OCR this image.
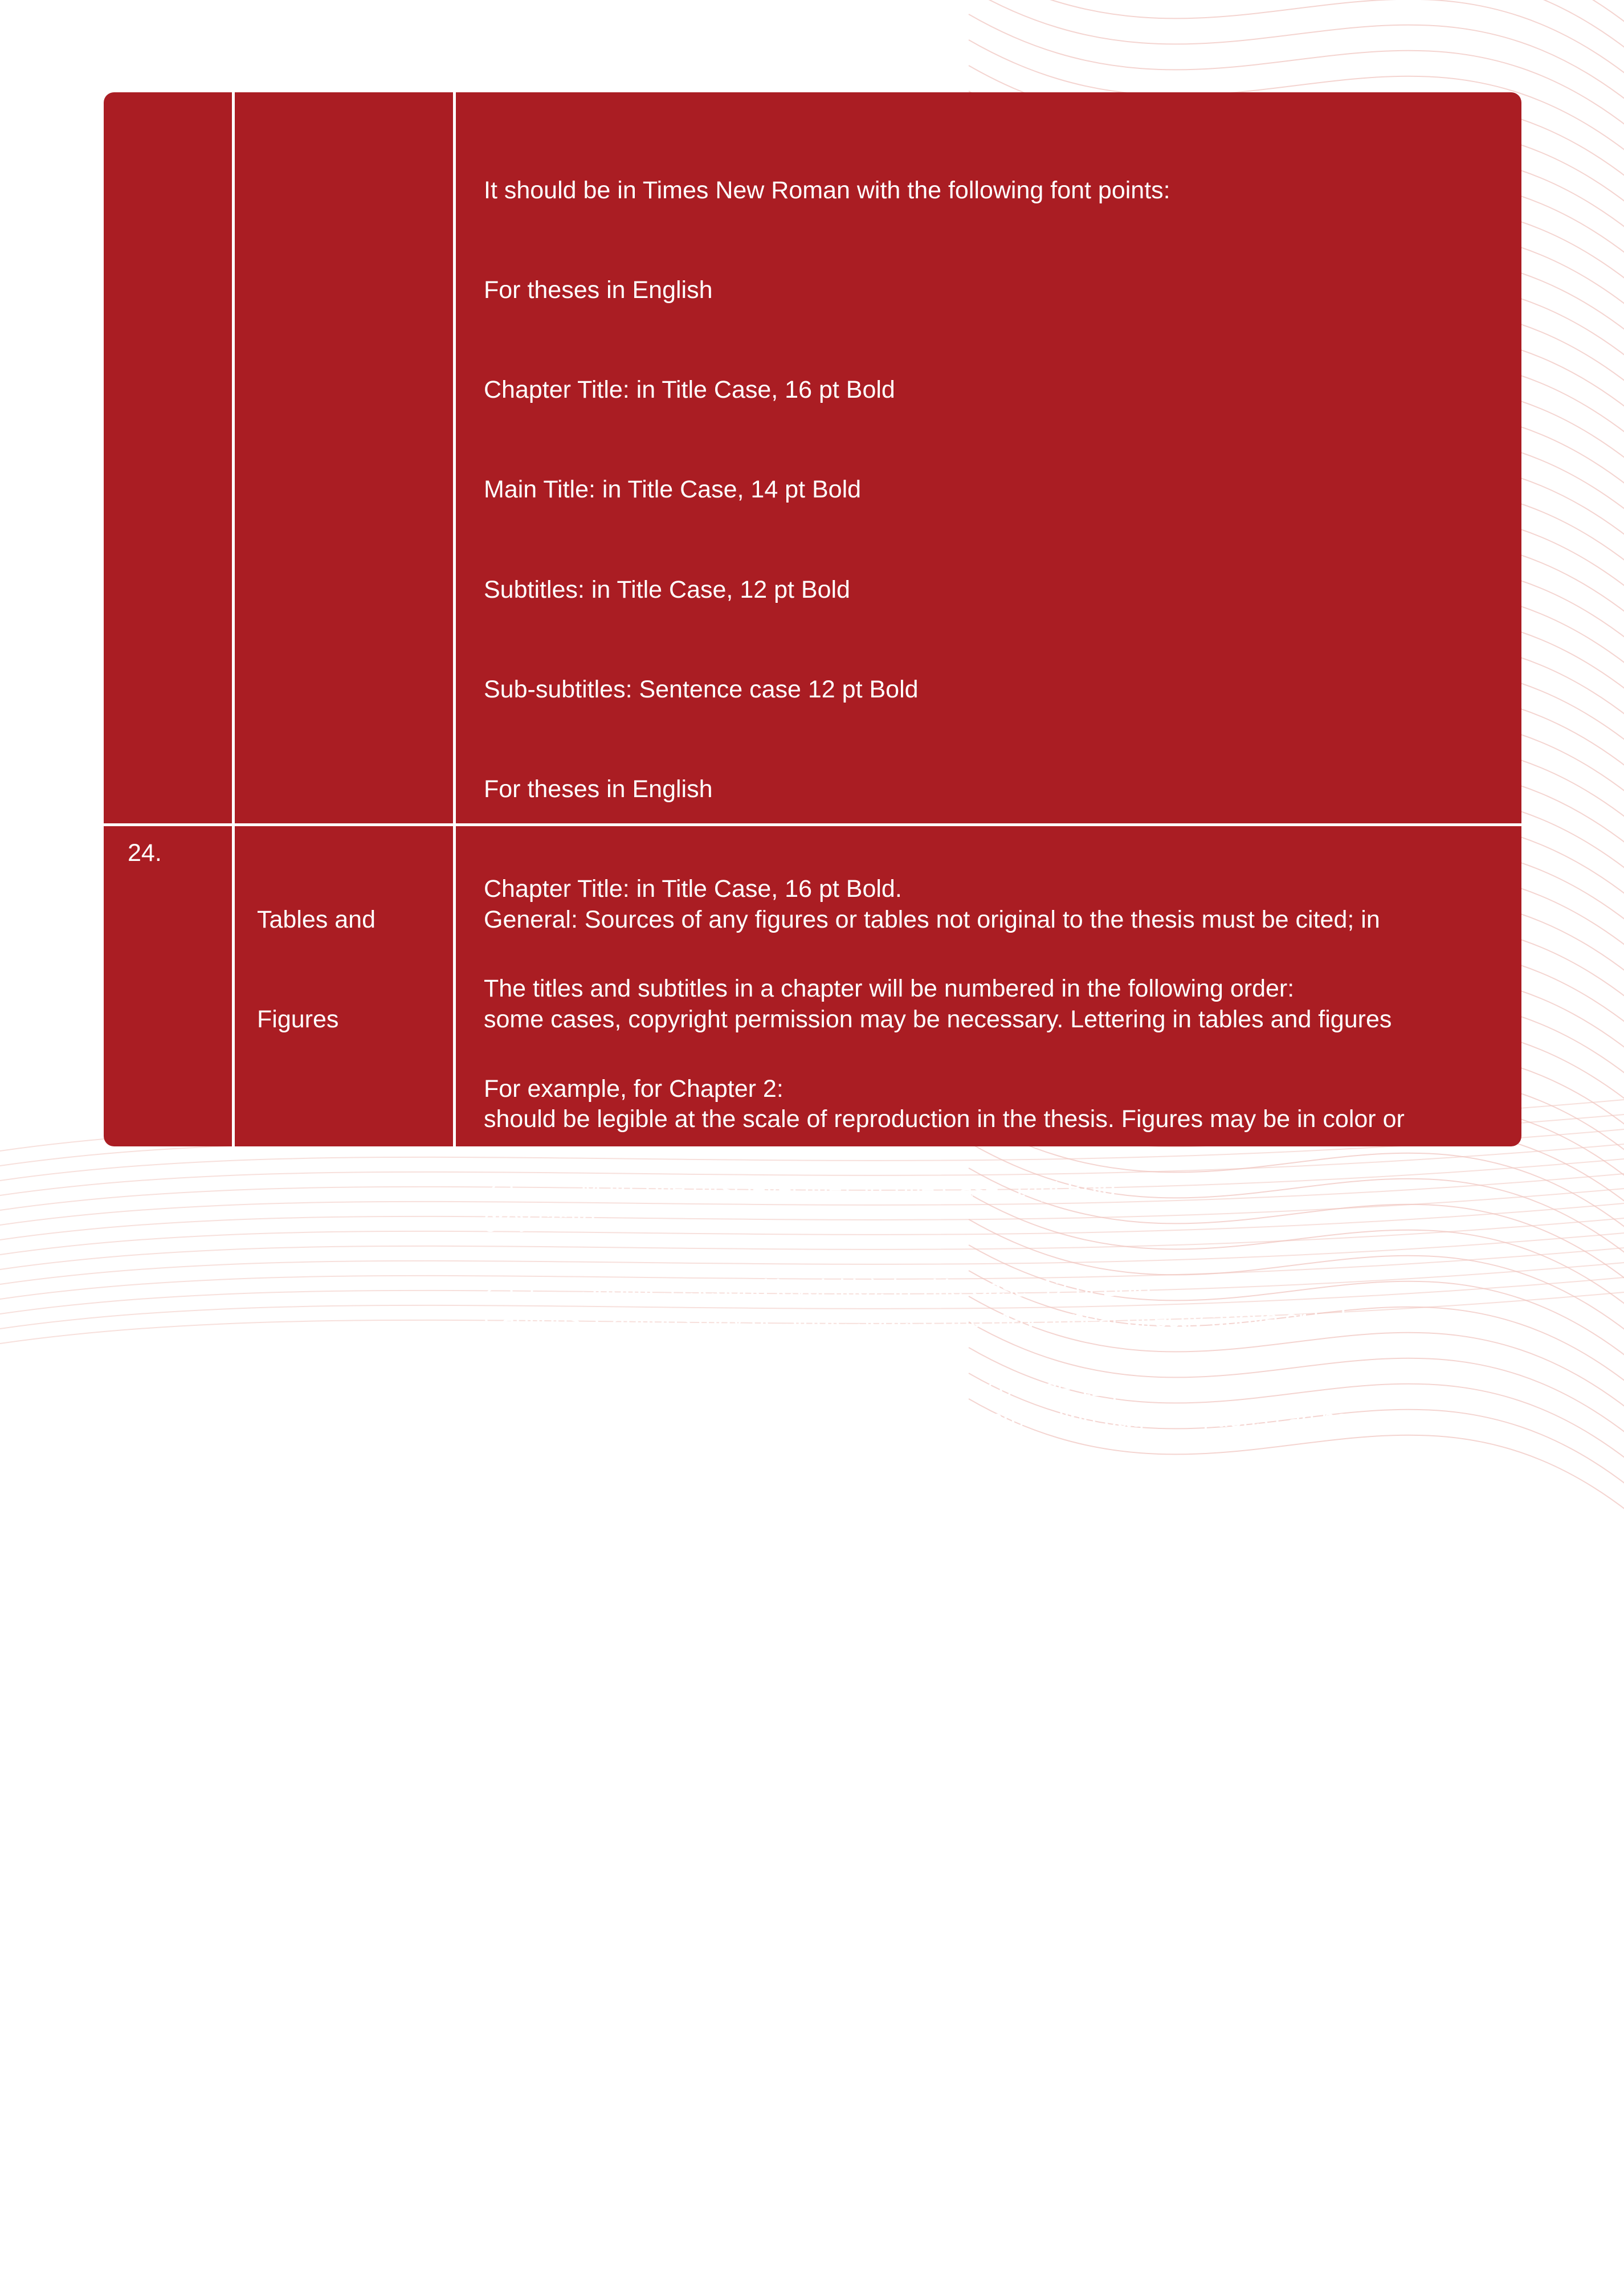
It should be in Times New Roman with the following font points:

For theses in English

Chapter Title: in Title Case, 16 pt Bold

Main Title: in Title Case, 14 pt Bold

Subtitles: in Title Case, 12 pt Bold

Sub-subtitles: Sentence case 12 pt Bold

For theses in English

Chapter Title: in Title Case, 16 pt Bold.

The titles and subtitles in a chapter will be numbered in the following order:

For example, for Chapter 2:

2.1	Main Title (first level title): in Title Case, 14pt Bold

2.1.1 Subtitles (second level title): in Title Case, 12 pt Bold

2.1.1.1 Sub-subtitles (third level title): Sentence case 12 pt Bold

For theses in Urdu/Arabic:

Chapter Title: in Title Case, 18 pt Bold.

The titles and subtitles in a chapter will be numbered in the following order:

For example, for Chapter 2:

2.1	Main Title (first level title): in Title Case, 16pt Bold

2.1.1 Subtitles (second level title): in Title Case, 14pt Bold

2.1.1.1 Sub-subtitles (third level title): Sentence case 14pt Bold

NB: The main title, subtitles and sub-subtitles may be used only in Chapters 2, 3 and 4

24.

Tables and

Figures

General: Sources of any figures or tables not original to the thesis must be cited; in

some cases, copyright permission may be necessary. Lettering in tables and figures

should be legible at the scale of reproduction in the thesis. Figures may be in color or

grey scale.

Captions: Captions may be single-spaced and may appear directly above or below

the figure or table or alone on the immediately preceding page. Captions can be in

sentence form, without capitalizing all major words.

Page Setup: Figures, tables, and captions may be embedded in the text or appear on

separate pages as appropriate. Landscape or portrait orientation is acceptable,
